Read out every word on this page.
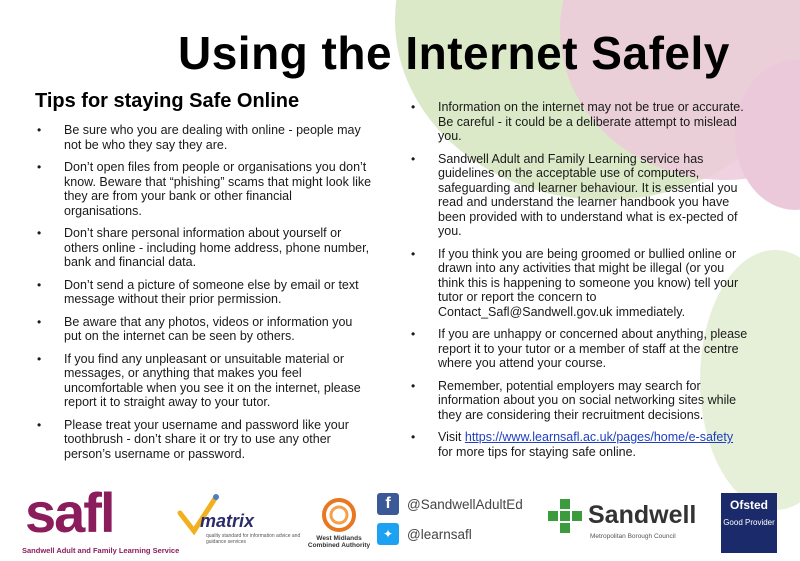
Using the Internet Safely
Tips for staying Safe Online
• Be sure who you are dealing with online - people may not be who they say they are.
• Don’t open files from people or organisations you don’t know. Beware that “phishing” scams that might look like they are from your bank or other financial organisations.
• Don’t share personal information about yourself or others online - including home address, phone number, bank and financial data.
• Don’t send a picture of someone else by email or text message without their prior permission.
• Be aware that any photos, videos or information you put on the internet can be seen by others.
• If you find any unpleasant or unsuitable material or messages, or anything that makes you feel uncomfortable when you see it on the internet, please report it to straight away to your tutor.
• Please treat your username and password like your toothbrush - don’t share it or try to use any other person’s username or password.
• Information on the internet may not be true or accurate. Be careful - it could be a deliberate attempt to mislead you.
• Sandwell Adult and Family Learning service has guidelines on the acceptable use of computers, safeguarding and learner behaviour. It is essential you read and understand the learner handbook you have been provided with to understand what is ex-pected of you.
• If you think you are being groomed or bullied online or drawn into any activities that might be illegal (or you think this is happening to someone you know) tell your tutor or report the concern to Contact_Safl@Sandwell.gov.uk immediately.
• If you are unhappy or concerned about anything, please report it to your tutor or a member of staff at the centre where you attend your course.
• Remember, potential employers may search for information about you on social networking sites while they are considering their recruitment decisions.
• Visit https://www.learnsafl.ac.uk/pages/home/e-safety
for more tips for staying safe online.
safl
Sandwell Adult and Family Learning Service
matrix
quality standard for information advice and guidance services	West Midlands Combined Authority
f	@SandwellAdultEd
✦	@learnsafl
Sandwell
Metropolitan Borough Council
Ofsted
Good Provider
